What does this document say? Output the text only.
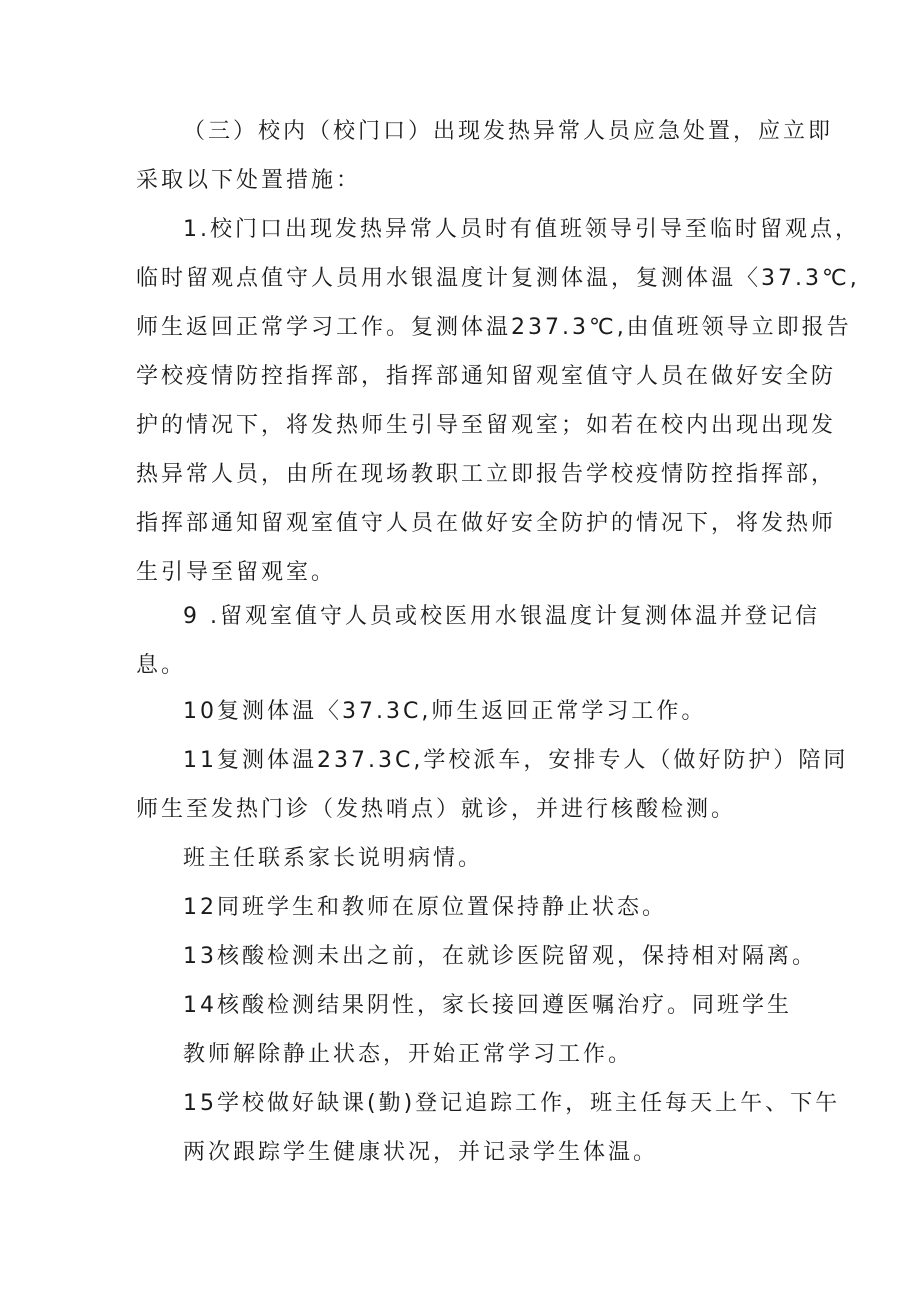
（三）校内（校门口）出现发热异常人员应急处置，应立即
采取以下处置措施：
1.校门口出现发热异常人员时有值班领导引导至临时留观点，
临时留观点值守人员用水银温度计复测体温，复测体温〈37.3℃,
师生返回正常学习工作。复测体温237.3℃,由值班领导立即报告
学校疫情防控指挥部，指挥部通知留观室值守人员在做好安全防
护的情况下，将发热师生引导至留观室；如若在校内出现出现发
热异常人员，由所在现场教职工立即报告学校疫情防控指挥部，
指挥部通知留观室值守人员在做好安全防护的情况下，将发热师
生引导至留观室。
9 .留观室值守人员或校医用水银温度计复测体温并登记信
息。
10复测体温〈37.3C,师生返回正常学习工作。
11复测体温237.3C,学校派车，安排专人（做好防护）陪同
师生至发热门诊（发热哨点）就诊，并进行核酸检测。
班主任联系家长说明病情。
12同班学生和教师在原位置保持静止状态。
13核酸检测未出之前，在就诊医院留观，保持相对隔离。
14核酸检测结果阴性，家长接回遵医嘱治疗。同班学生
教师解除静止状态，开始正常学习工作。
15学校做好缺课(勤)登记追踪工作，班主任每天上午、下午
两次跟踪学生健康状况，并记录学生体温。
